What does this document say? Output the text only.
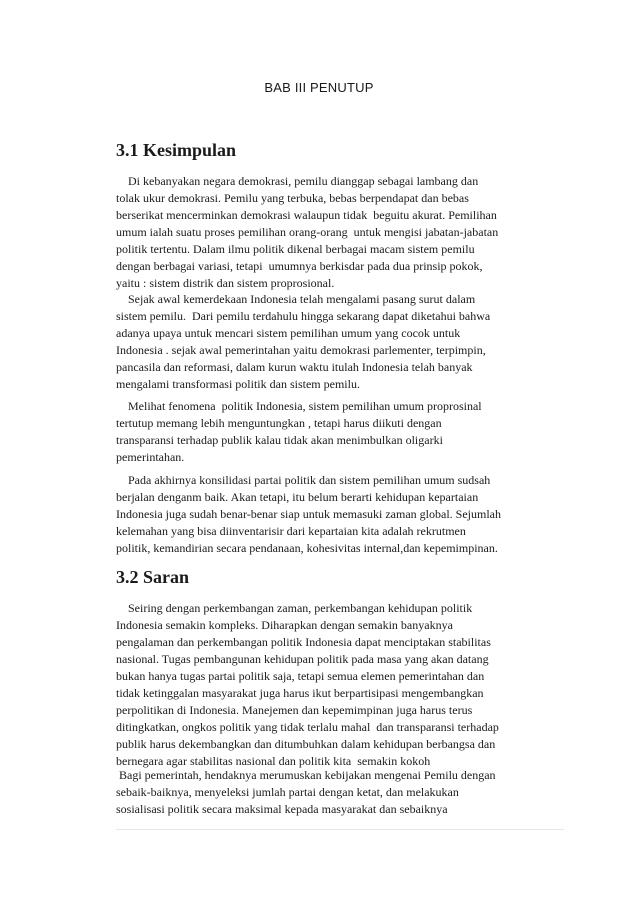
BAB III PENUTUP
3.1 Kesimpulan

Di kebanyakan negara demokrasi, pemilu dianggap sebagai lambang dan
tolak ukur demokrasi. Pemilu yang terbuka, bebas berpendapat dan bebas
berserikat mencerminkan demokrasi walaupun tidak  beguitu akurat. Pemilihan
umum ialah suatu proses pemilihan orang-orang  untuk mengisi jabatan-jabatan
politik tertentu. Dalam ilmu politik dikenal berbagai macam sistem pemilu
dengan berbagai variasi, tetapi  umumnya berkisdar pada dua prinsip pokok,
yaitu : sistem distrik dan sistem proprosional.

Sejak awal kemerdekaan Indonesia telah mengalami pasang surut dalam
sistem pemilu.  Dari pemilu terdahulu hingga sekarang dapat diketahui bahwa
adanya upaya untuk mencari sistem pemilihan umum yang cocok untuk
Indonesia . sejak awal pemerintahan yaitu demokrasi parlementer, terpimpin,
pancasila dan reformasi, dalam kurun waktu itulah Indonesia telah banyak
mengalami transformasi politik dan sistem pemilu.

Melihat fenomena  politik Indonesia, sistem pemilihan umum proprosinal
tertutup memang lebih menguntungkan , tetapi harus diikuti dengan
transparansi terhadap publik kalau tidak akan menimbulkan oligarki
pemerintahan.

Pada akhirnya konsilidasi partai politik dan sistem pemilihan umum sudsah
berjalan denganm baik. Akan tetapi, itu belum berarti kehidupan kepartaian
Indonesia juga sudah benar-benar siap untuk memasuki zaman global. Sejumlah
kelemahan yang bisa diinventarisir dari kepartaian kita adalah rekrutmen
politik, kemandirian secara pendanaan, kohesivitas internal,dan kepemimpinan.

3.2 Saran

Seiring dengan perkembangan zaman, perkembangan kehidupan politik
Indonesia semakin kompleks. Diharapkan dengan semakin banyaknya
pengalaman dan perkembangan politik Indonesia dapat menciptakan stabilitas
nasional. Tugas pembangunan kehidupan politik pada masa yang akan datang
bukan hanya tugas partai politik saja, tetapi semua elemen pemerintahan dan
tidak ketinggalan masyarakat juga harus ikut berpartisipasi mengembangkan
perpolitikan di Indonesia. Manejemen dan kepemimpinan juga harus terus
ditingkatkan, ongkos politik yang tidak terlalu mahal  dan transparansi terhadap
publik harus dekembangkan dan ditumbuhkan dalam kehidupan berbangsa dan
bernegara agar stabilitas nasional dan politik kita  semakin kokoh

Bagi pemerintah, hendaknya merumuskan kebijakan mengenai Pemilu dengan
sebaik-baiknya, menyeleksi jumlah partai dengan ketat, dan melakukan
sosialisasi politik secara maksimal kepada masyarakat dan sebaiknya
